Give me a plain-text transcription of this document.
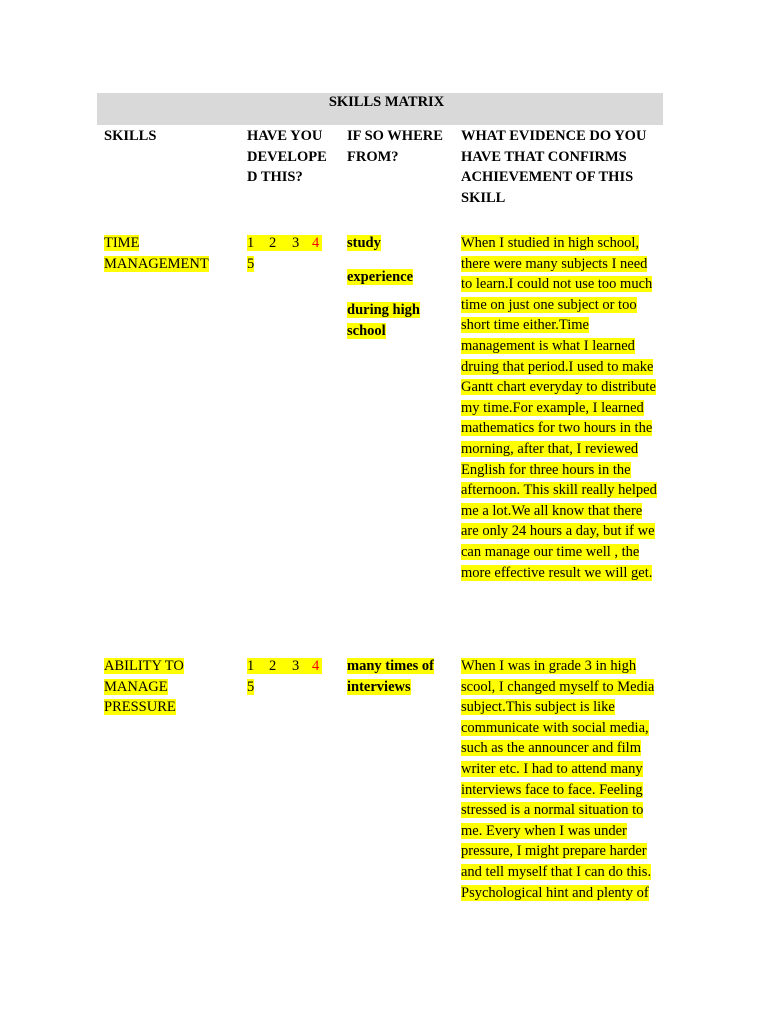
SKILLS MATRIX
SKILLS	HAVE YOU DEVELOPE D THIS?
IF SO WHERE FROM?
WHAT EVIDENCE DO YOU HAVE THAT CONFIRMS ACHIEVEMENT OF THIS SKILL
TIME MANAGEMENT
1 2 3 4
5

study

experience

during high school

When I studied in high school, there were many subjects I need to learn.I could not use too much time on just one subject or too short time either.Time management is what I learned druing that period.I used to make Gantt chart everyday to distribute my time.For example, I learned mathematics for two hours in the morning, after that, I reviewed English for three hours in the afternoon. This skill really helped me a lot.We all know that there are only 24 hours a day, but if we can manage our time well , the more effective result we will get.
ABILITY TO MANAGE PRESSURE
1 2 3 4
5

many times of interviews

When I was in grade 3 in high scool, I changed myself to Media subject.This subject is like communicate with social media, such as the announcer and film writer etc. I had to attend many interviews face to face. Feeling stressed is a normal situation to me. Every when I was under pressure, I might prepare harder and tell myself that I can do this. Psychological hint and plenty of
